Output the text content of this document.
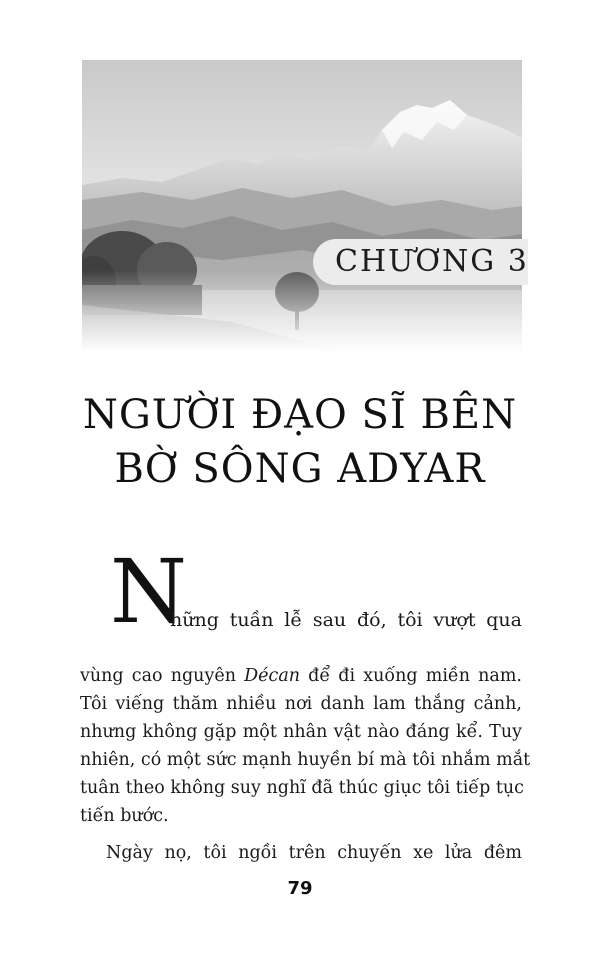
CHƯƠNG 3
NGƯỜI ĐẠO SĨ BÊN
BỜ SÔNG ADYAR
N
hững tuần lễ sau đó, tôi vượt qua
vùng cao nguyên Décan để đi xuống miền nam.
Tôi viếng thăm nhiều nơi danh lam thắng cảnh,
nhưng không gặp một nhân vật nào đáng kể. Tuy
nhiên, có một sức mạnh huyền bí mà tôi nhắm mắt
tuân theo không suy nghĩ đã thúc giục tôi tiếp tục
tiến bước.
Ngày nọ, tôi ngồi trên chuyến xe lửa đêm
79
